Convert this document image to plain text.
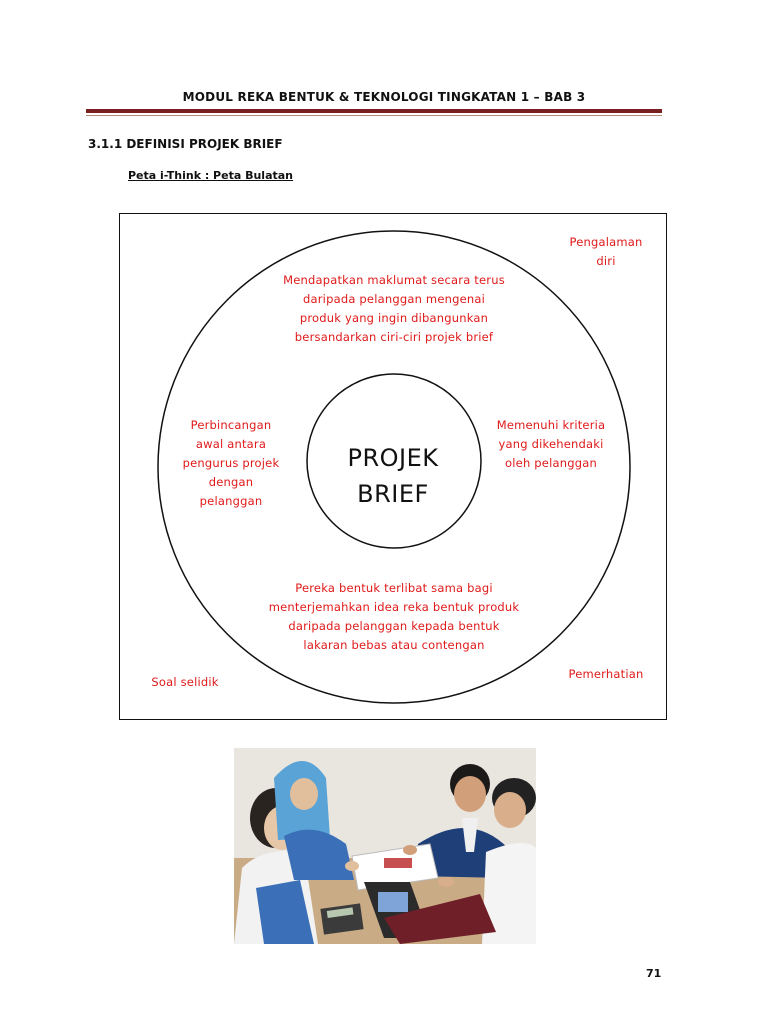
MODUL REKA BENTUK & TEKNOLOGI TINGKATAN 1 – BAB 3
3.1.1 DEFINISI PROJEK BRIEF
Peta i-Think : Peta Bulatan
PROJEK
BRIEF
Mendapatkan maklumat secara terus
daripada pelanggan mengenai
produk yang ingin dibangunkan
bersandarkan ciri-ciri projek brief
Perbincangan
awal antara
pengurus projek
dengan
pelanggan
Memenuhi kriteria
yang dikehendaki
oleh pelanggan
Pereka bentuk terlibat sama bagi
menterjemahkan idea reka bentuk produk
daripada pelanggan kepada bentuk
lakaran bebas atau contengan
Pengalaman
diri
Soal selidik
Pemerhatian
71
